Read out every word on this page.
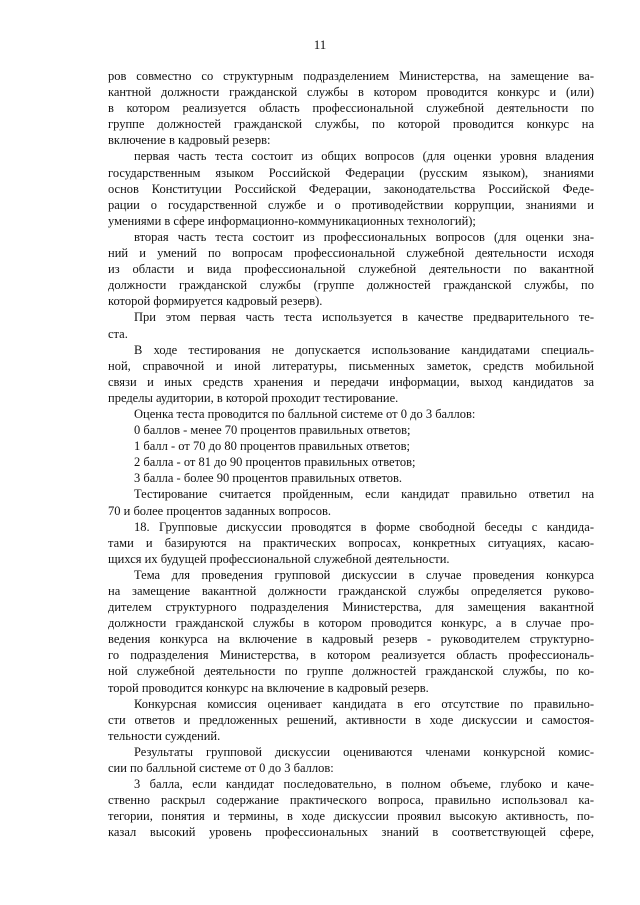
11
ров совместно со структурным подразделением Министерства, на замещение ва-
кантной должности гражданской службы в котором проводится конкурс и (или)
в котором реализуется область профессиональной служебной деятельности по
группе должностей гражданской службы, по которой проводится конкурс на
включение в кадровый резерв:
первая часть теста состоит из общих вопросов (для оценки уровня владения
государственным языком Российской Федерации (русским языком), знаниями
основ Конституции Российской Федерации, законодательства Российской Феде-
рации о государственной службе и о противодействии коррупции, знаниями и
умениями в сфере информационно-коммуникационных технологий);
вторая часть теста состоит из профессиональных вопросов (для оценки зна-
ний и умений по вопросам профессиональной служебной деятельности исходя
из области и вида профессиональной служебной деятельности по вакантной
должности гражданской службы (группе должностей гражданской службы, по
которой формируется кадровый резерв).
При этом первая часть теста используется в качестве предварительного те-
ста.
В ходе тестирования не допускается использование кандидатами специаль-
ной, справочной и иной литературы, письменных заметок, средств мобильной
связи и иных средств хранения и передачи информации, выход кандидатов за
пределы аудитории, в которой проходит тестирование.
Оценка теста проводится по балльной системе от 0 до 3 баллов:
0 баллов - менее 70 процентов правильных ответов;
1 балл - от 70 до 80 процентов правильных ответов;
2 балла - от 81 до 90 процентов правильных ответов;
3 балла - более 90 процентов правильных ответов.
Тестирование считается пройденным, если кандидат правильно ответил на
70 и более процентов заданных вопросов.
18. Групповые дискуссии проводятся в форме свободной беседы с кандида-
тами и базируются на практических вопросах, конкретных ситуациях, касаю-
щихся их будущей профессиональной служебной деятельности.
Тема для проведения групповой дискуссии в случае проведения конкурса
на замещение вакантной должности гражданской службы определяется руково-
дителем структурного подразделения Министерства, для замещения вакантной
должности гражданской службы в котором проводится конкурс, а в случае про-
ведения конкурса на включение в кадровый резерв - руководителем структурно-
го подразделения Министерства, в котором реализуется область профессиональ-
ной служебной деятельности по группе должностей гражданской службы, по ко-
торой проводится конкурс на включение в кадровый резерв.
Конкурсная комиссия оценивает кандидата в его отсутствие по правильно-
сти ответов и предложенных решений, активности в ходе дискуссии и самостоя-
тельности суждений.
Результаты групповой дискуссии оцениваются членами конкурсной комис-
сии по балльной системе от 0 до 3 баллов:
3 балла, если кандидат последовательно, в полном объеме, глубоко и каче-
ственно раскрыл содержание практического вопроса, правильно использовал ка-
тегории, понятия и термины, в ходе дискуссии проявил высокую активность, по-
казал высокий уровень профессиональных знаний в соответствующей сфере,
